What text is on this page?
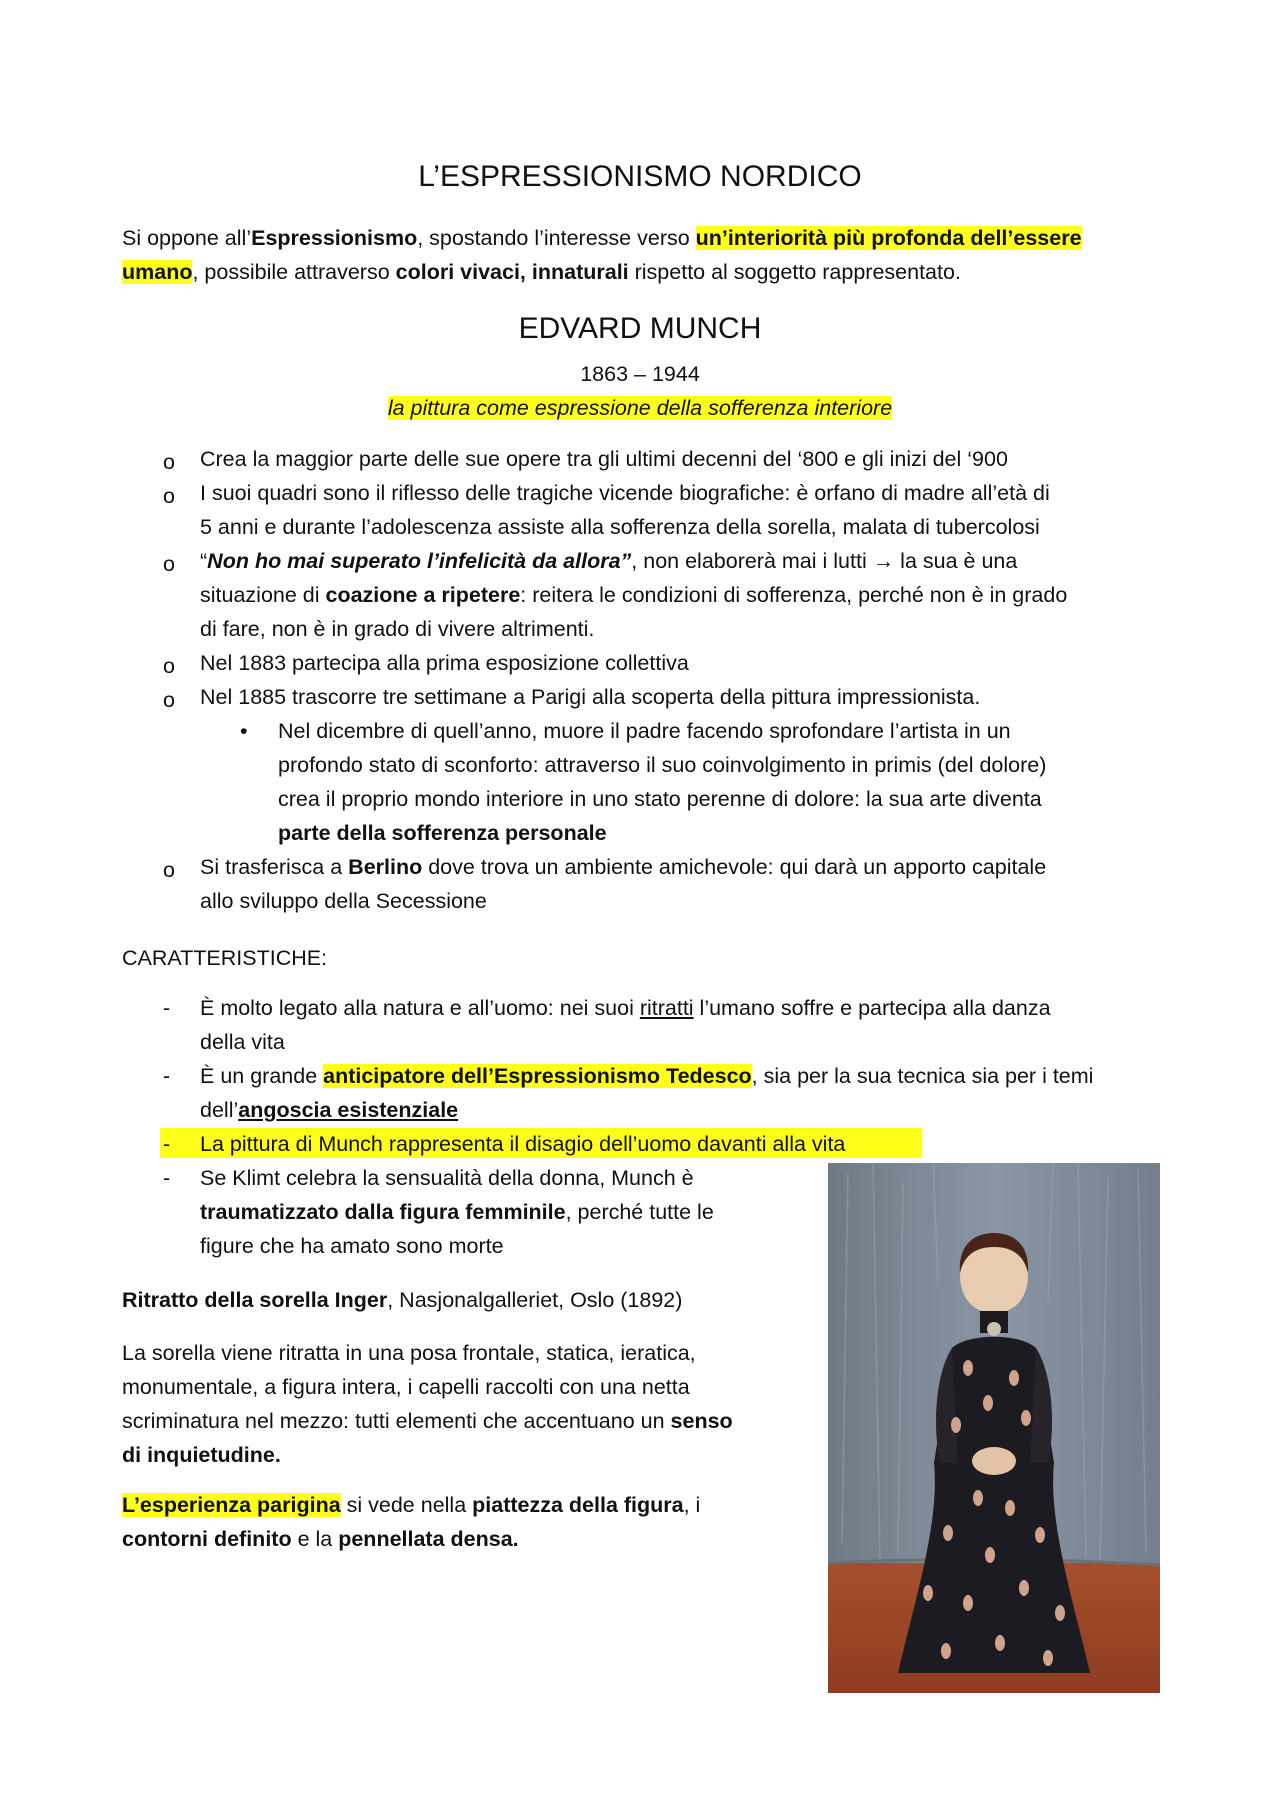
L’ESPRESSIONISMO NORDICO
Si oppone all’Espressionismo, spostando l’interesse verso un’interiorità più profonda dell’essere
umano, possibile attraverso colori vivaci, innaturali rispetto al soggetto rappresentato.
EDVARD MUNCH
1863 – 1944
la pittura come espressione della sofferenza interiore
o Crea la maggior parte delle sue opere tra gli ultimi decenni del ‘800 e gli inizi del ‘900
o I suoi quadri sono il riflesso delle tragiche vicende biografiche: è orfano di madre all’età di
5 anni e durante l’adolescenza assiste alla sofferenza della sorella, malata di tubercolosi
o “Non ho mai superato l’infelicità da allora”, non elaborerà mai i lutti → la sua è una
situazione di coazione a ripetere: reitera le condizioni di sofferenza, perché non è in grado
di fare, non è in grado di vivere altrimenti.
o Nel 1883 partecipa alla prima esposizione collettiva
o Nel 1885 trascorre tre settimane a Parigi alla scoperta della pittura impressionista.
• Nel dicembre di quell’anno, muore il padre facendo sprofondare l’artista in un
profondo stato di sconforto: attraverso il suo coinvolgimento in primis (del dolore)
crea il proprio mondo interiore in uno stato perenne di dolore: la sua arte diventa
parte della sofferenza personale
o Si trasferisca a Berlino dove trova un ambiente amichevole: qui darà un apporto capitale
allo sviluppo della Secessione
CARATTERISTICHE:
- È molto legato alla natura e all’uomo: nei suoi ritratti l’umano soffre e partecipa alla danza
della vita
- È un grande anticipatore dell’Espressionismo Tedesco, sia per la sua tecnica sia per i temi
dell’angoscia esistenziale
- La pittura di Munch rappresenta il disagio dell’uomo davanti alla vita
- Se Klimt celebra la sensualità della donna, Munch è
traumatizzato dalla figura femminile, perché tutte le
figure che ha amato sono morte
Ritratto della sorella Inger, Nasjonalgalleriet, Oslo (1892)
La sorella viene ritratta in una posa frontale, statica, ieratica,
monumentale, a figura intera, i capelli raccolti con una netta
scriminatura nel mezzo: tutti elementi che accentuano un senso
di inquietudine.
L’esperienza parigina si vede nella piattezza della figura, i
contorni definito e la pennellata densa.
